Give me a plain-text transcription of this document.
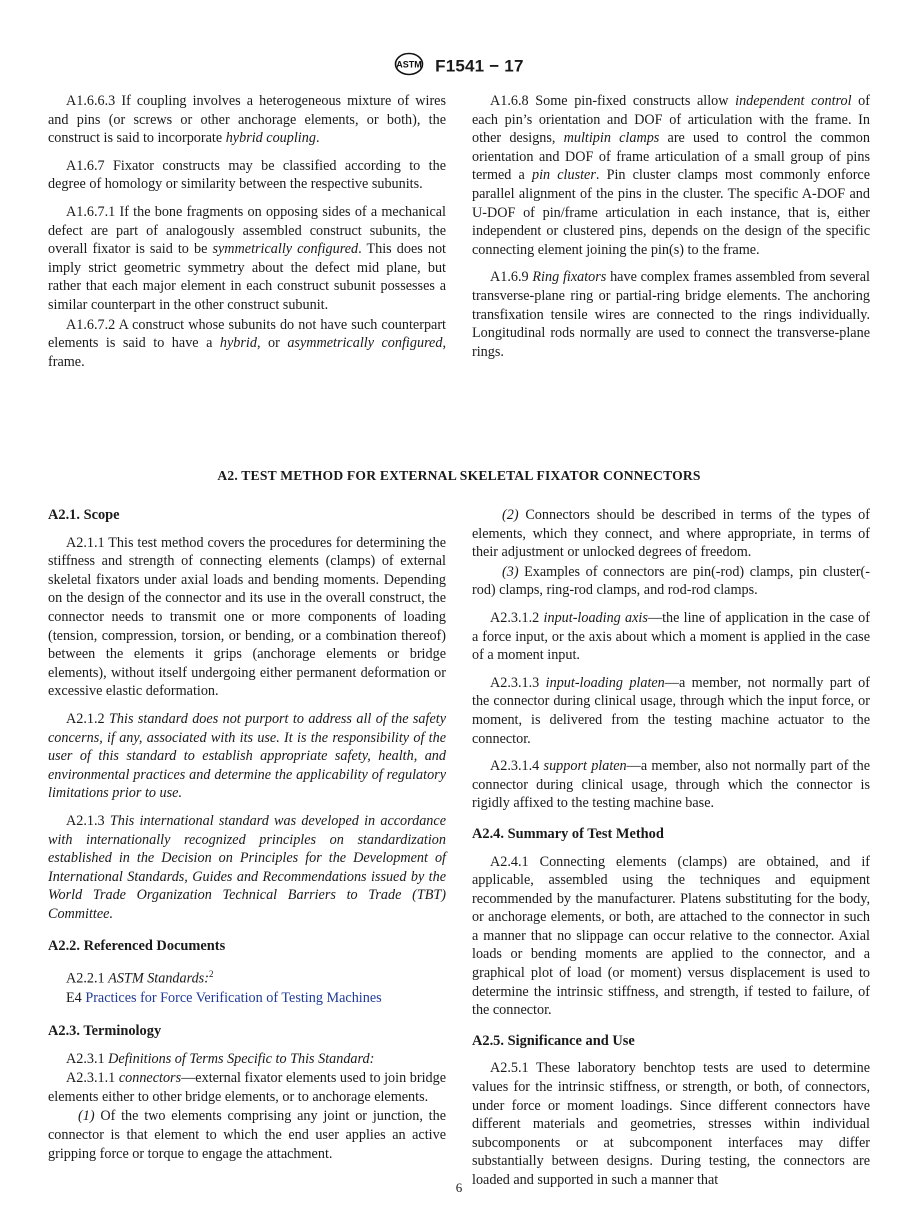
ASTM F1541 − 17

A1.6.6.3 If coupling involves a heterogeneous mixture of wires and pins (or screws or other anchorage elements, or both), the construct is said to incorporate hybrid coupling.

A1.6.7 Fixator constructs may be classified according to the degree of homology or similarity between the respective subunits.

A1.6.7.1 If the bone fragments on opposing sides of a mechanical defect are part of analogously assembled construct subunits, the overall fixator is said to be symmetrically configured. This does not imply strict geometric symmetry about the defect mid plane, but rather that each major element in each construct subunit possesses a similar counterpart in the other construct subunit.

A1.6.7.2 A construct whose subunits do not have such counterpart elements is said to have a hybrid, or asymmetrically configured, frame.

A1.6.8 Some pin-fixed constructs allow independent control of each pin’s orientation and DOF of articulation with the frame. In other designs, multipin clamps are used to control the common orientation and DOF of frame articulation of a small group of pins termed a pin cluster. Pin cluster clamps most commonly enforce parallel alignment of the pins in the cluster. The specific A-DOF and U-DOF of pin/frame articulation in each instance, that is, either independent or clustered pins, depends on the design of the specific connecting element joining the pin(s) to the frame.

A1.6.9 Ring fixators have complex frames assembled from several transverse-plane ring or partial-ring bridge elements. The anchoring transfixation tensile wires are connected to the rings individually. Longitudinal rods normally are used to connect the transverse-plane rings.

A2. TEST METHOD FOR EXTERNAL SKELETAL FIXATOR CONNECTORS
A2.1. Scope

A2.1.1 This test method covers the procedures for determining the stiffness and strength of connecting elements (clamps) of external skeletal fixators under axial loads and bending moments. Depending on the design of the connector and its use in the overall construct, the connector needs to transmit one or more components of loading (tension, compression, torsion, or bending, or a combination thereof) between the elements it grips (anchorage elements or bridge elements), without itself undergoing either permanent deformation or excessive elastic deformation.

A2.1.2 This standard does not purport to address all of the safety concerns, if any, associated with its use. It is the responsibility of the user of this standard to establish appropriate safety, health, and environmental practices and determine the applicability of regulatory limitations prior to use.

A2.1.3 This international standard was developed in accordance with internationally recognized principles on standardization established in the Decision on Principles for the Development of International Standards, Guides and Recommendations issued by the World Trade Organization Technical Barriers to Trade (TBT) Committee.

A2.2. Referenced Documents

A2.2.1 ASTM Standards:$^2$

E4 Practices for Force Verification of Testing Machines

A2.3. Terminology

A2.3.1 Definitions of Terms Specific to This Standard:

A2.3.1.1 connectors—external fixator elements used to join bridge elements either to other bridge elements, or to anchorage elements.

(1) Of the two elements comprising any joint or junction, the connector is that element to which the end user applies an active gripping force or torque to engage the attachment.

(2) Connectors should be described in terms of the types of elements, which they connect, and where appropriate, in terms of their adjustment or unlocked degrees of freedom.

(3) Examples of connectors are pin(-rod) clamps, pin cluster(-rod) clamps, ring-rod clamps, and rod-rod clamps.

A2.3.1.2 input-loading axis—the line of application in the case of a force input, or the axis about which a moment is applied in the case of a moment input.

A2.3.1.3 input-loading platen—a member, not normally part of the connector during clinical usage, through which the input force, or moment, is delivered from the testing machine actuator to the connector.

A2.3.1.4 support platen—a member, also not normally part of the connector during clinical usage, through which the connector is rigidly affixed to the testing machine base.

A2.4. Summary of Test Method

A2.4.1 Connecting elements (clamps) are obtained, and if applicable, assembled using the techniques and equipment recommended by the manufacturer. Platens substituting for the body, or anchorage elements, or both, are attached to the connector in such a manner that no slippage can occur relative to the connector. Axial loads or bending moments are applied to the connector, and a graphical plot of load (or moment) versus displacement is used to determine the intrinsic stiffness, and strength, if tested to failure, of the connector.

A2.5. Significance and Use

A2.5.1 These laboratory benchtop tests are used to determine values for the intrinsic stiffness, or strength, or both, of connectors, under force or moment loadings. Since different connectors have different materials and geometries, stresses within individual subcomponents or at subcomponent interfaces may differ substantially between designs. During testing, the connectors are loaded and supported in such a manner that

6
